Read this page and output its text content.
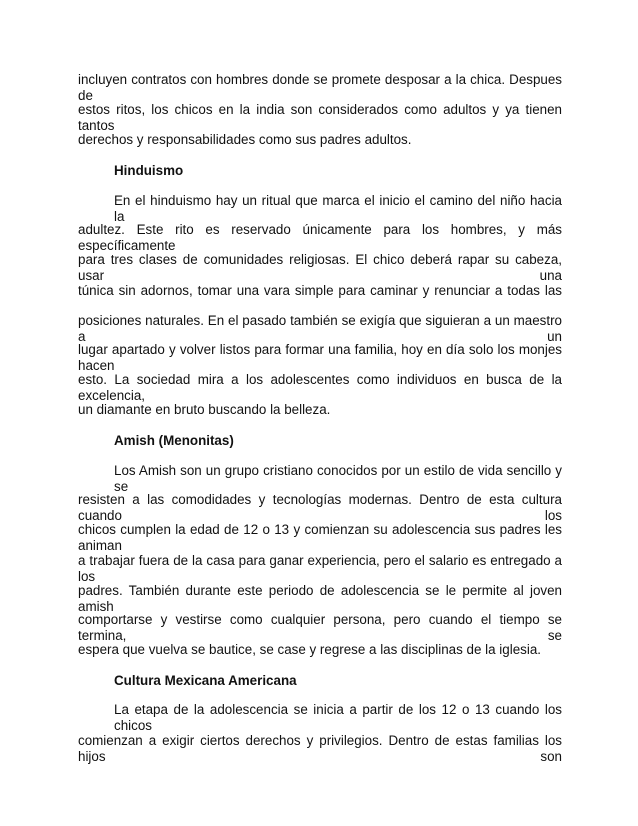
incluyen contratos con hombres donde se promete desposar a la chica. Despues de
estos ritos, los chicos en la india son considerados como adultos y ya tienen tantos
derechos y responsabilidades como sus padres adultos.
Hinduismo
En el hinduismo hay un ritual que marca el inicio el camino del niño hacia la
adultez. Este rito es reservado únicamente para los hombres, y más específicamente
para tres clases de comunidades religiosas. El chico deberá rapar su cabeza, usar una
túnica sin adornos, tomar una vara simple para caminar y renunciar a todas las
posiciones naturales. En el pasado también se exigía que siguieran a un maestro a un
lugar apartado y volver listos para formar una familia, hoy en día solo los monjes hacen
esto. La sociedad mira a los adolescentes como individuos en busca de la excelencia,
un diamante en bruto buscando la belleza.
Amish (Menonitas)
Los Amish son un grupo cristiano conocidos por un estilo de vida sencillo y se
resisten a las comodidades y tecnologías modernas. Dentro de esta cultura cuando los
chicos cumplen la edad de 12 o 13 y comienzan su adolescencia sus padres les animan
a trabajar fuera de la casa para ganar experiencia, pero el salario es entregado a los
padres. También durante este periodo de adolescencia se le permite al joven amish
comportarse y vestirse como cualquier persona, pero cuando el tiempo se termina, se
espera que vuelva se bautice, se case y regrese a las disciplinas de la iglesia.
Cultura Mexicana Americana
La etapa de la adolescencia se inicia a partir de los 12 o 13 cuando los chicos
comienzan a exigir ciertos derechos y privilegios. Dentro de estas familias los hijos son
